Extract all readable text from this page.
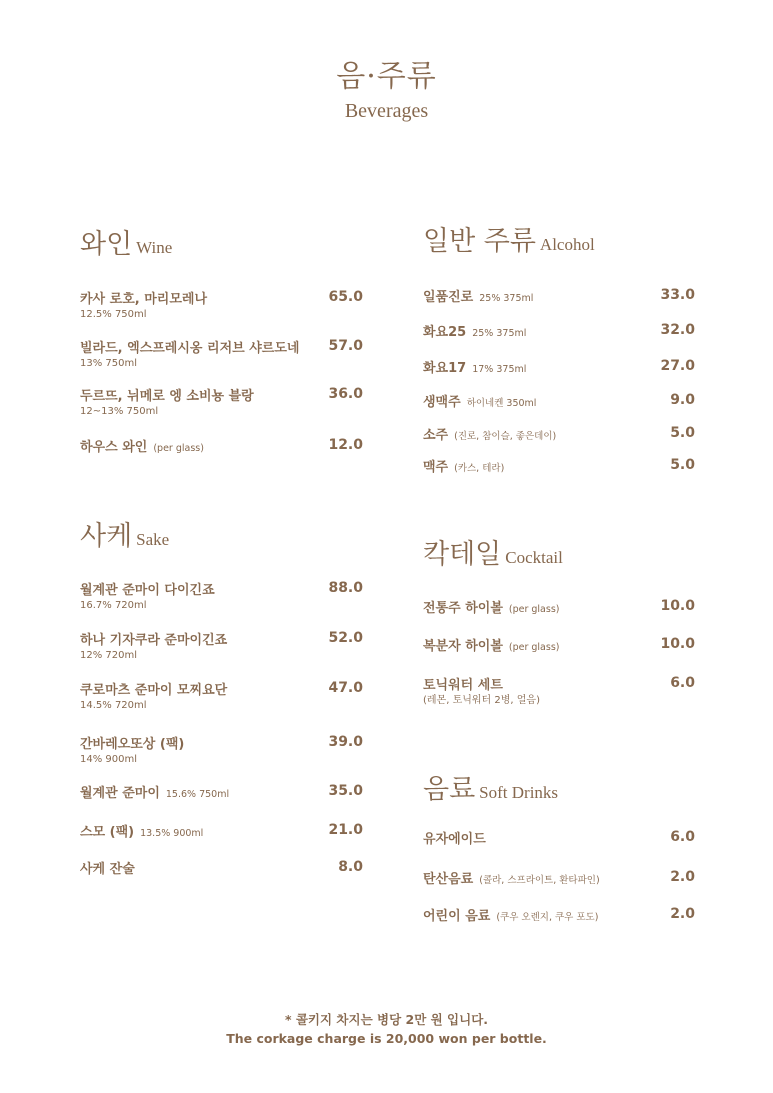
음·주류
Beverages
와인 Wine
카사 로호, 마리모레나	65.0
12.5% 750ml
빌라드, 엑스프레시옹 리저브 샤르도네 57.0
13% 750ml
두르뜨, 뉘메로 엥 소비뇽 블랑	36.0
12~13% 750ml
하우스 와인 (per glass)	12.0
사케 Sake
월계관 준마이 다이긴죠	88.0
16.7% 720ml
하나 기자쿠라 준마이긴죠	52.0
12% 720ml
쿠로마츠 준마이 모찌요단	47.0
14.5% 720ml
간바레오또상 (팩)	39.0
14% 900ml
월계관 준마이 15.6% 750ml	35.0
스모 (팩) 13.5% 900ml	21.0
사케 잔술	8.0
일반 주류 Alcohol
일품진로 25% 375ml	33.0
화요25 25% 375ml	32.0
화요17 17% 375ml	27.0
생맥주 하이네켄 350ml	9.0
소주 (진로, 참이슬, 좋은데이)	5.0
맥주 (카스, 테라)	5.0
칵테일 Cocktail
전통주 하이볼 (per glass)	10.0
복분자 하이볼 (per glass)	10.0
토닉워터 세트	6.0
(레몬, 토닉워터 2병, 얼음)
음료 Soft Drinks
유자에이드	6.0
탄산음료 (콜라, 스프라이트, 환타파인)	2.0
어린이 음료 (쿠우 오렌지, 쿠우 포도)	2.0
* 콜키지 차지는 병당 2만 원 입니다.
The corkage charge is 20,000 won per bottle.
